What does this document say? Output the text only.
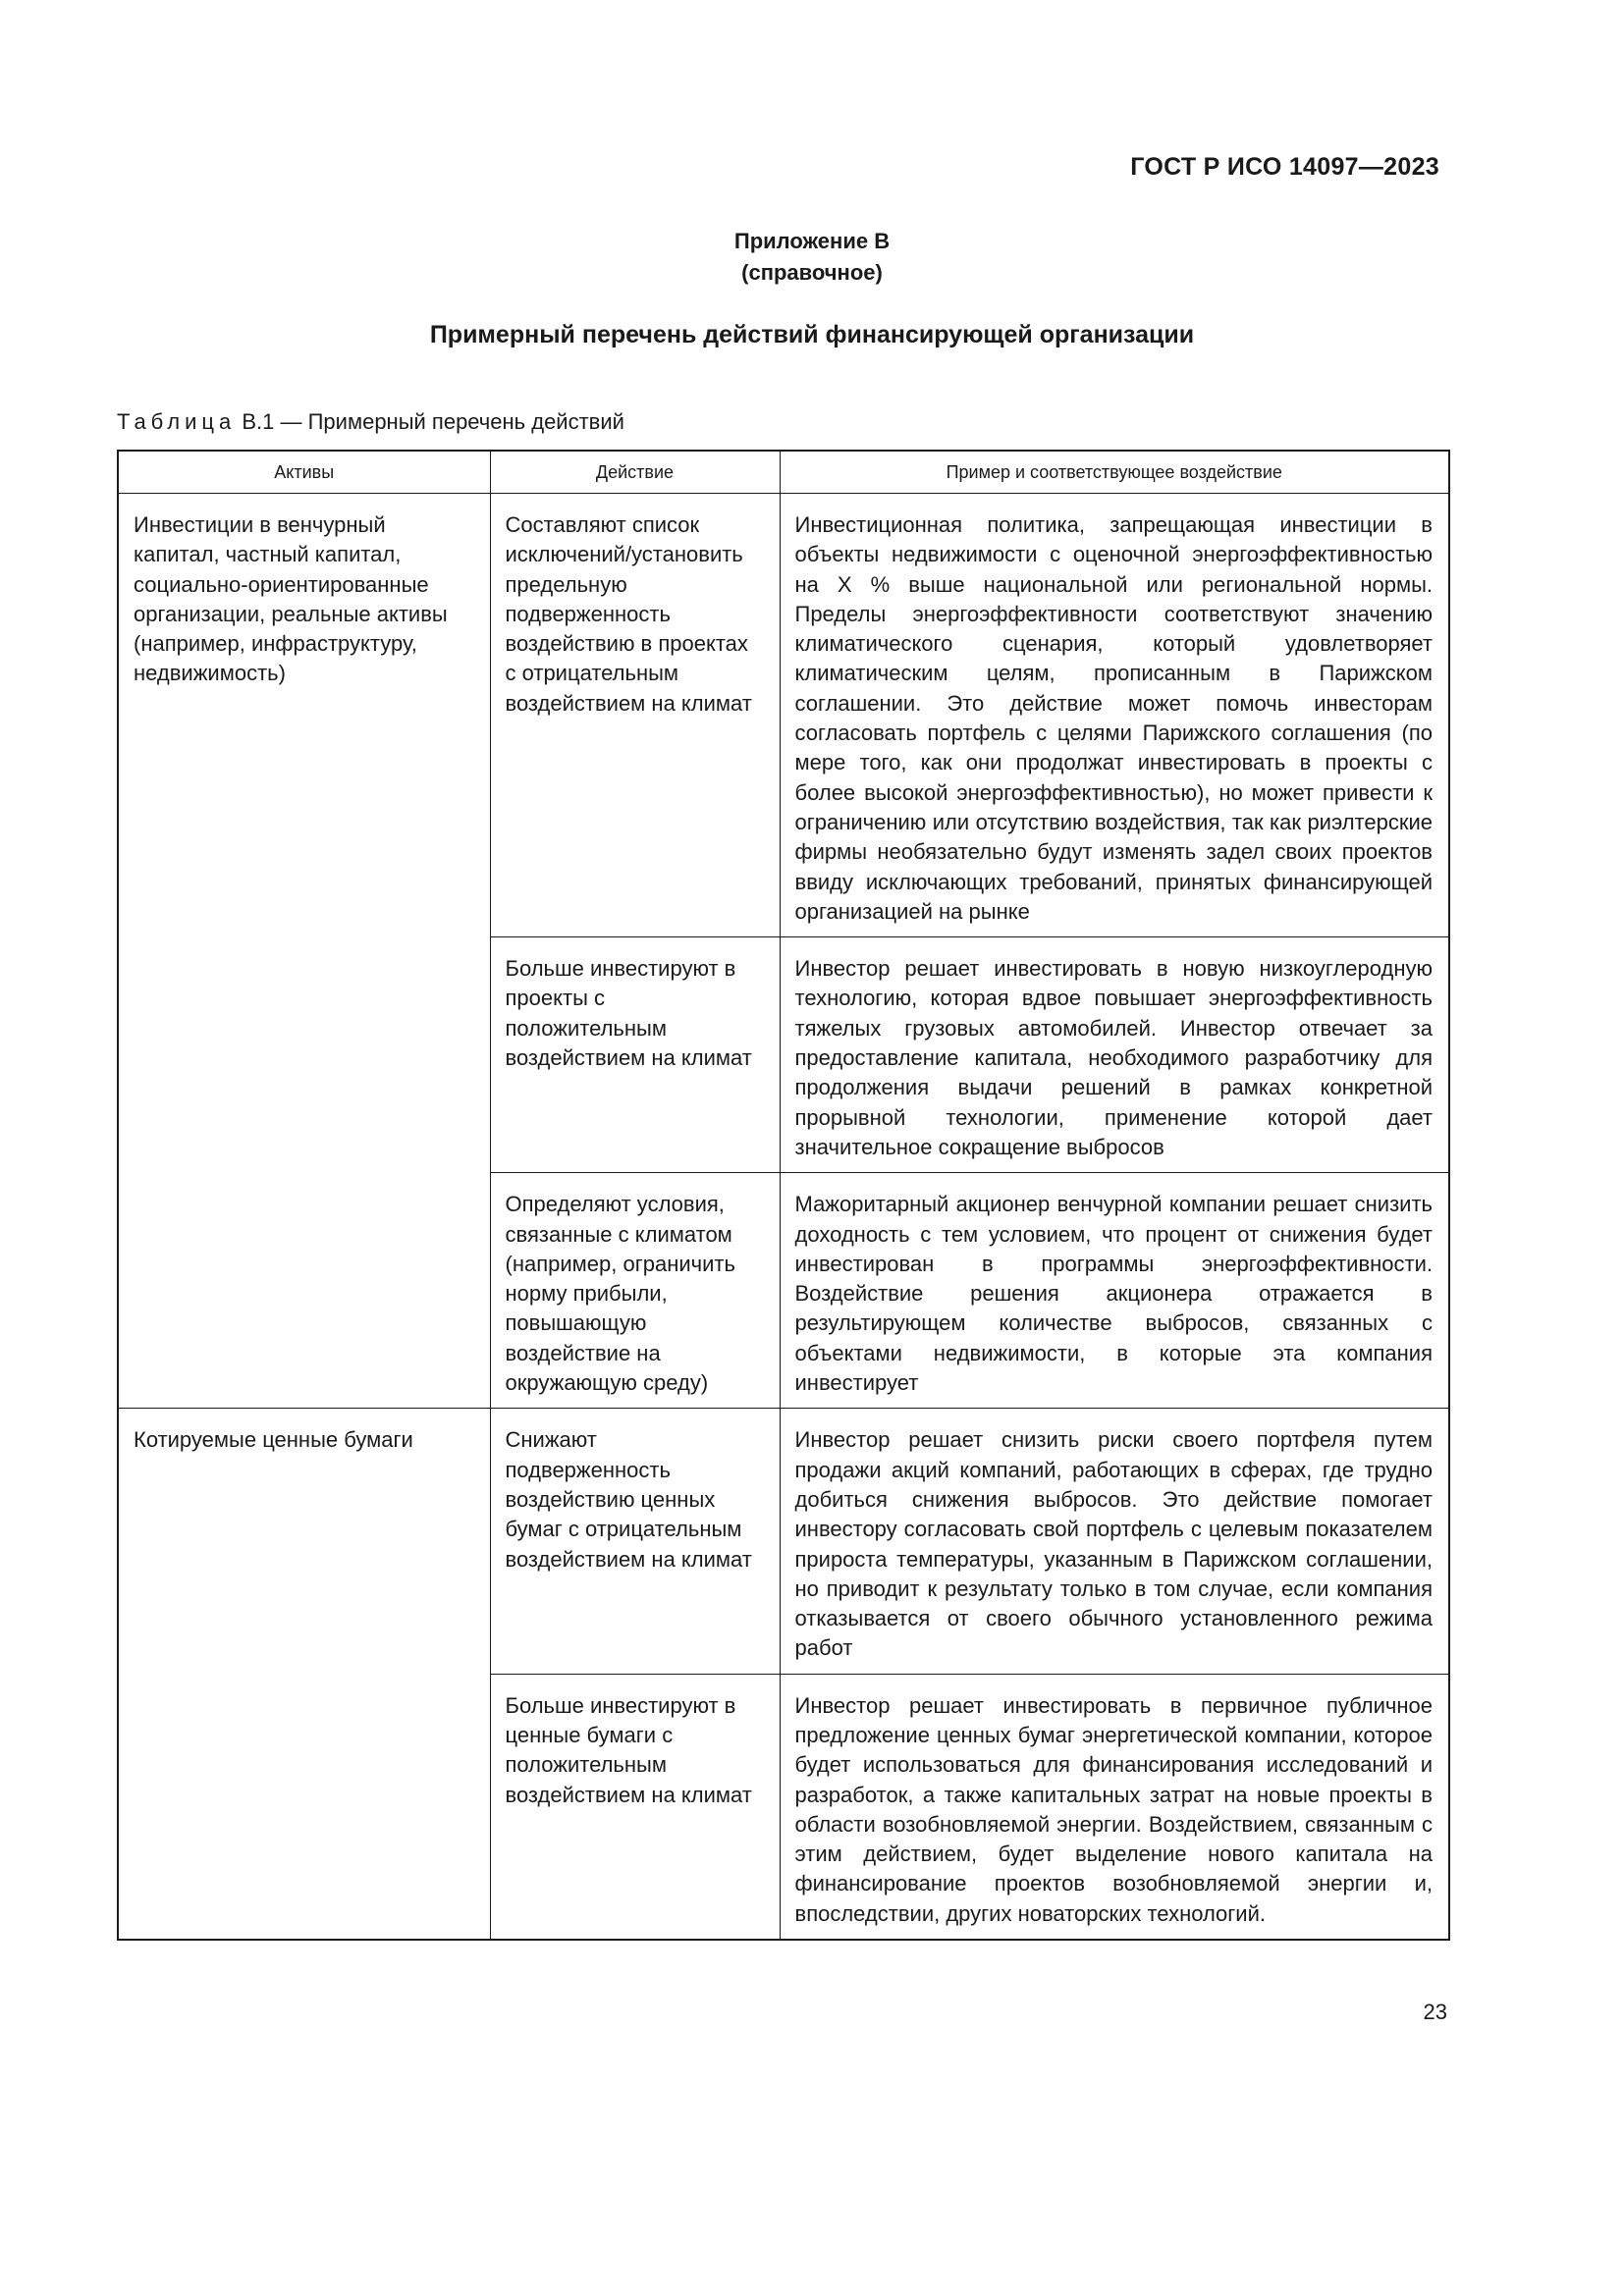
ГОСТ Р ИСО 14097—2023
Приложение B
(справочное)
Примерный перечень действий финансирующей организации
Таблица B.1 — Примерный перечень действий
Активы	Действие	Пример и соответствующее воздействие
Инвестиции в венчурный капитал, частный капитал, социально-ориентированные организации, реальные активы (например, инфраструктуру, недвижимость)	Составляют список исключений/установить предельную подверженность воздействию в проектах с отрицательным воздействием на климат	Инвестиционная политика, запрещающая инвестиции в объекты недвижимости с оценочной энергоэффективностью на X % выше национальной или региональной нормы. Пределы энергоэффективности соответствуют значению климатического сценария, который удовлетворяет климатическим целям, прописанным в Парижском соглашении. Это действие может помочь инвесторам согласовать портфель с целями Парижского соглашения (по мере того, как они продолжат инвестировать в проекты с более высокой энергоэффективностью), но может привести к ограничению или отсутствию воздействия, так как риэлтерские фирмы необязательно будут изменять задел своих проектов ввиду исключающих требований, принятых финансирующей организацией на рынке
	Больше инвестируют в проекты с положительным воздействием на климат	Инвестор решает инвестировать в новую низкоуглеродную технологию, которая вдвое повышает энергоэффективность тяжелых грузовых автомобилей. Инвестор отвечает за предоставление капитала, необходимого разработчику для продолжения выдачи решений в рамках конкретной прорывной технологии, применение которой дает значительное сокращение выбросов
	Определяют условия, связанные с климатом (например, ограничить норму прибыли, повышающую воздействие на окружающую среду)	Мажоритарный акционер венчурной компании решает снизить доходность с тем условием, что процент от снижения будет инвестирован в программы энергоэффективности. Воздействие решения акционера отражается в результирующем количестве выбросов, связанных с объектами недвижимости, в которые эта компания инвестирует
Котируемые ценные бумаги	Снижают подверженность воздействию ценных бумаг с отрицательным воздействием на климат	Инвестор решает снизить риски своего портфеля путем продажи акций компаний, работающих в сферах, где трудно добиться снижения выбросов. Это действие помогает инвестору согласовать свой портфель с целевым показателем прироста температуры, указанным в Парижском соглашении, но приводит к результату только в том случае, если компания отказывается от своего обычного установленного режима работ
	Больше инвестируют в ценные бумаги с положительным воздействием на климат	Инвестор решает инвестировать в первичное публичное предложение ценных бумаг энергетической компании, которое будет использоваться для финансирования исследований и разработок, а также капитальных затрат на новые проекты в области возобновляемой энергии. Воздействием, связанным с этим действием, будет выделение нового капитала на финансирование проектов возобновляемой энергии и, впоследствии, других новаторских технологий.
23
